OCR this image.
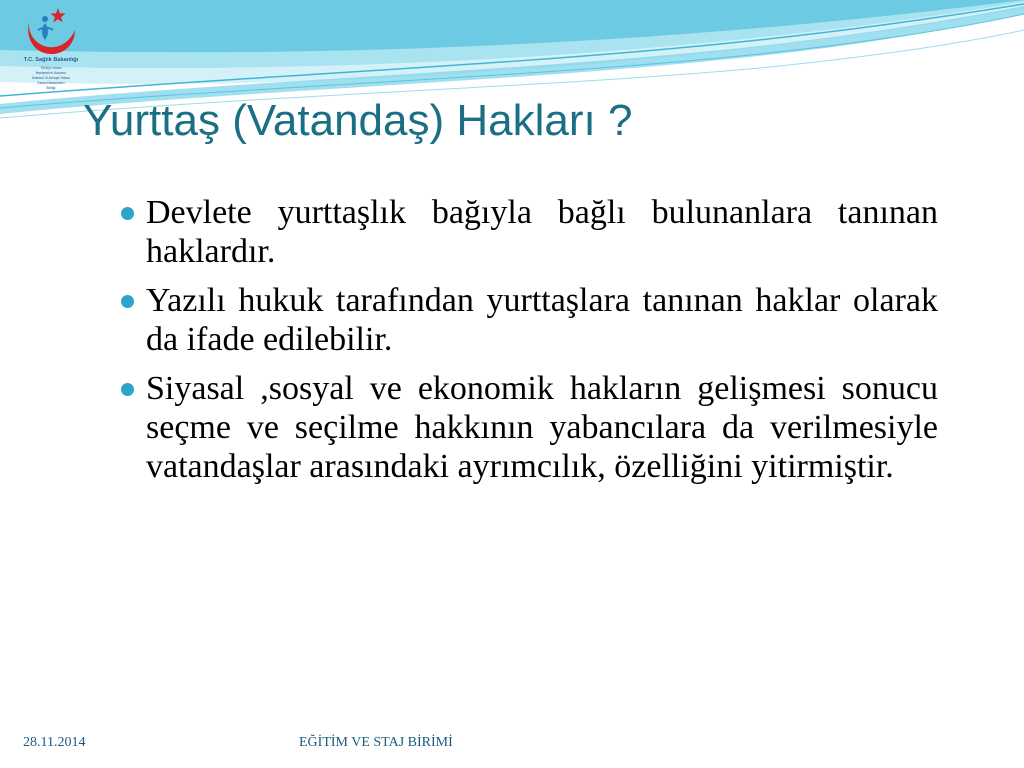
T.C. Sağlık Bakanlığı
Türkiye Kamu
Hastaneleri Kurumu
İstanbul İli Avrupa Yakası
Kamu Hastaneleri
Birliği
Yurttaş (Vatandaş) Hakları ?
Devlete yurttaşlık bağıyla bağlı bulunanlara tanınan haklardır.
Yazılı hukuk tarafından yurttaşlara tanınan haklar olarak da ifade edilebilir.
Siyasal ,sosyal ve ekonomik hakların gelişmesi sonucu seçme ve seçilme hakkının yabancılara da verilmesiyle vatandaşlar arasındaki ayrımcılık, özelliğini yitirmiştir.
28.11.2014	EĞİTİM VE STAJ BİRİMİ
